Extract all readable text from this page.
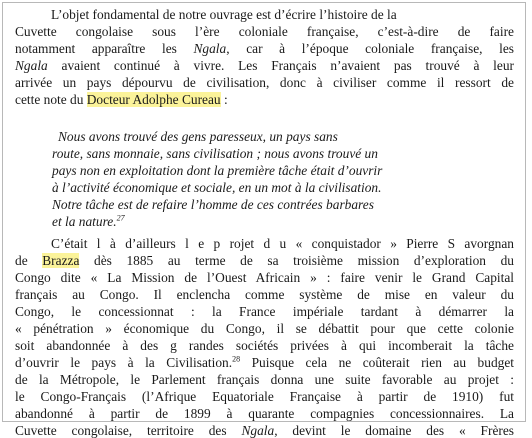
L’objet fondamental de notre ouvrage est d’écrire l’histoire de la
Cuvette congolaise sous l’ère coloniale française, c’est-à-dire de faire
notamment apparaître les Ngala, car à l’époque coloniale française, les
Ngala avaient continué à vivre. Les Français n’avaient pas trouvé à leur
arrivée un pays dépourvu de civilisation, donc à civiliser comme il ressort de
cette note du Docteur Adolphe Cureau :
Nous avons trouvé des gens paresseux, un pays sans
route, sans monnaie, sans civilisation ; nous avons trouvé un
pays non en exploitation dont la première tâche était d’ouvrir
à l’activité économique et sociale, en un mot à la civilisation.
Notre tâche est de refaire l’homme de ces contrées barbares
et la nature.$^{27}$
C’était l à d’ailleurs l e p rojet d u « conquistador » Pierre S avorgnan
de Brazza dès 1885 au terme de sa troisième mission d’exploration du
Congo dite « La Mission de l’Ouest Africain » : faire venir le Grand Capital
français au Congo. Il enclencha comme système de mise en valeur du
Congo, le concessionnat : la France impériale tardant à démarrer la
« pénétration » économique du Congo, il se débattit pour que cette colonie
soit abandonnée à des g randes sociétés privées à qui incomberait la tâche
d’ouvrir le pays à la Civilisation.$^{28}$ Puisque cela ne coûterait rien au budget
de la Métropole, le Parlement français donna une suite favorable au projet :
le Congo-Français (l’Afrique Equatoriale Française à partir de 1910) fut
abandonné à partir de 1899 à quarante compagnies concessionnaires. La
Cuvette congolaise, territoire des Ngala, devint le domaine des « Frères
